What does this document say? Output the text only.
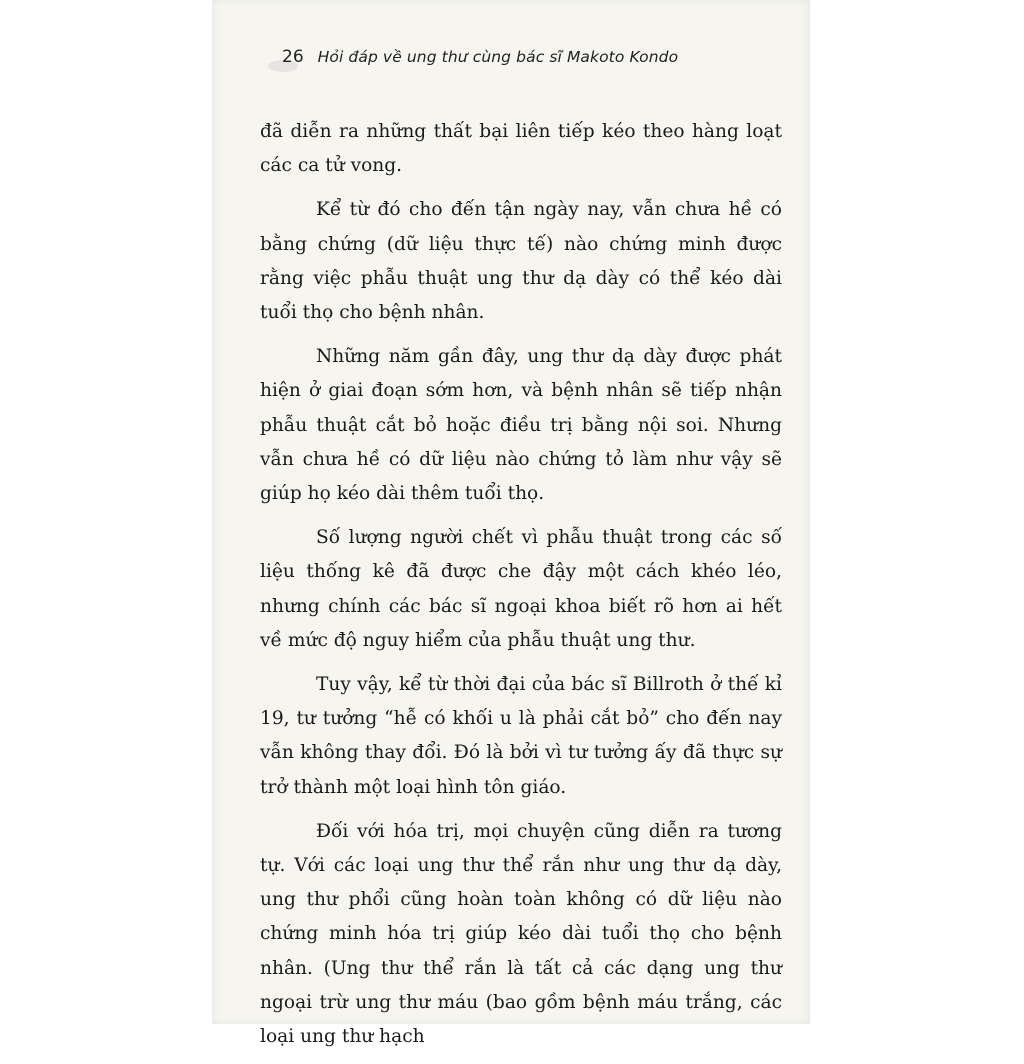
26 Hỏi đáp về ung thư cùng bác sĩ Makoto Kondo

đã diễn ra những thất bại liên tiếp kéo theo hàng loạt các ca tử vong.

Kể từ đó cho đến tận ngày nay, vẫn chưa hề có bằng chứng (dữ liệu thực tế) nào chứng minh được rằng việc phẫu thuật ung thư dạ dày có thể kéo dài tuổi thọ cho bệnh nhân.

Những năm gần đây, ung thư dạ dày được phát hiện ở giai đoạn sớm hơn, và bệnh nhân sẽ tiếp nhận phẫu thuật cắt bỏ hoặc điều trị bằng nội soi. Nhưng vẫn chưa hề có dữ liệu nào chứng tỏ làm như vậy sẽ giúp họ kéo dài thêm tuổi thọ.

Số lượng người chết vì phẫu thuật trong các số liệu thống kê đã được che đậy một cách khéo léo, nhưng chính các bác sĩ ngoại khoa biết rõ hơn ai hết về mức độ nguy hiểm của phẫu thuật ung thư.

Tuy vậy, kể từ thời đại của bác sĩ Billroth ở thế kỉ 19, tư tưởng “hễ có khối u là phải cắt bỏ” cho đến nay vẫn không thay đổi. Đó là bởi vì tư tưởng ấy đã thực sự trở thành một loại hình tôn giáo.

Đối với hóa trị, mọi chuyện cũng diễn ra tương tự. Với các loại ung thư thể rắn như ung thư dạ dày, ung thư phổi cũng hoàn toàn không có dữ liệu nào chứng minh hóa trị giúp kéo dài tuổi thọ cho bệnh nhân. (Ung thư thể rắn là tất cả các dạng ung thư ngoại trừ ung thư máu (bao gồm bệnh máu trắng, các loại ung thư hạch
